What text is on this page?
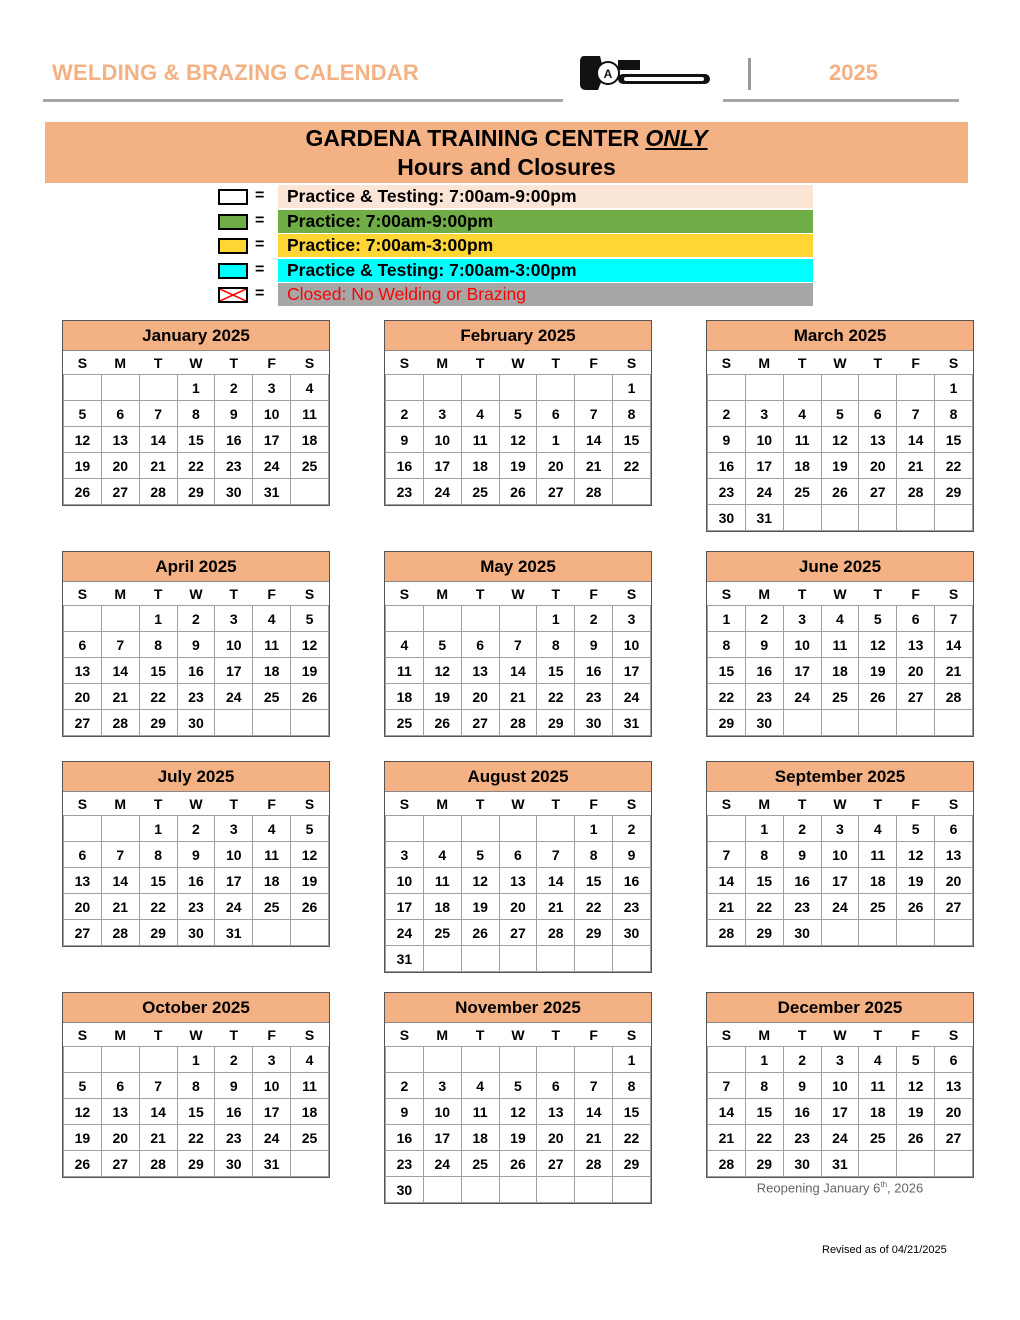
WELDING & BRAZING CALENDAR	A	2025
GARDENA TRAINING CENTER ONLY
Hours and Closures
=	Practice & Testing: 7:00am-9:00pm
=	Practice: 7:00am-9:00pm
=	Practice: 7:00am-3:00pm
=	Practice & Testing: 7:00am-3:00pm
=	Closed: No Welding or Brazing
January 2025
S	M	T	W	T	F	S
			1	2	3	4
5	6	7	8	9	10	11
12	13	14	15	16	17	18
19	20	21	22	23	24	25
26	27	28	29	30	31	
February 2025
S	M	T	W	T	F	S
						1
2	3	4	5	6	7	8
9	10	11	12	1	14	15
16	17	18	19	20	21	22
23	24	25	26	27	28	
March 2025
S	M	T	W	T	F	S
						1
2	3	4	5	6	7	8
9	10	11	12	13	14	15
16	17	18	19	20	21	22
23	24	25	26	27	28	29
30	31					
April 2025
S	M	T	W	T	F	S
		1	2	3	4	5
6	7	8	9	10	11	12
13	14	15	16	17	18	19
20	21	22	23	24	25	26
27	28	29	30			
May 2025
S	M	T	W	T	F	S
				1	2	3
4	5	6	7	8	9	10
11	12	13	14	15	16	17
18	19	20	21	22	23	24
25	26	27	28	29	30	31
June 2025
S	M	T	W	T	F	S
1	2	3	4	5	6	7
8	9	10	11	12	13	14
15	16	17	18	19	20	21
22	23	24	25	26	27	28
29	30					
July 2025
S	M	T	W	T	F	S
		1	2	3	4	5
6	7	8	9	10	11	12
13	14	15	16	17	18	19
20	21	22	23	24	25	26
27	28	29	30	31		
August 2025
S	M	T	W	T	F	S
					1	2
3	4	5	6	7	8	9
10	11	12	13	14	15	16
17	18	19	20	21	22	23
24	25	26	27	28	29	30
31						
September 2025
S	M	T	W	T	F	S
	1	2	3	4	5	6
7	8	9	10	11	12	13
14	15	16	17	18	19	20
21	22	23	24	25	26	27
28	29	30				
October 2025
S	M	T	W	T	F	S
			1	2	3	4
5	6	7	8	9	10	11
12	13	14	15	16	17	18
19	20	21	22	23	24	25
26	27	28	29	30	31	
November 2025
S	M	T	W	T	F	S
						1
2	3	4	5	6	7	8
9	10	11	12	13	14	15
16	17	18	19	20	21	22
23	24	25	26	27	28	29
30						
December 2025
S	M	T	W	T	F	S
	1	2	3	4	5	6
7	8	9	10	11	12	13
14	15	16	17	18	19	20
21	22	23	24	25	26	27
28	29	30	31			
Reopening January 6th, 2026
Revised as of 04/21/2025
